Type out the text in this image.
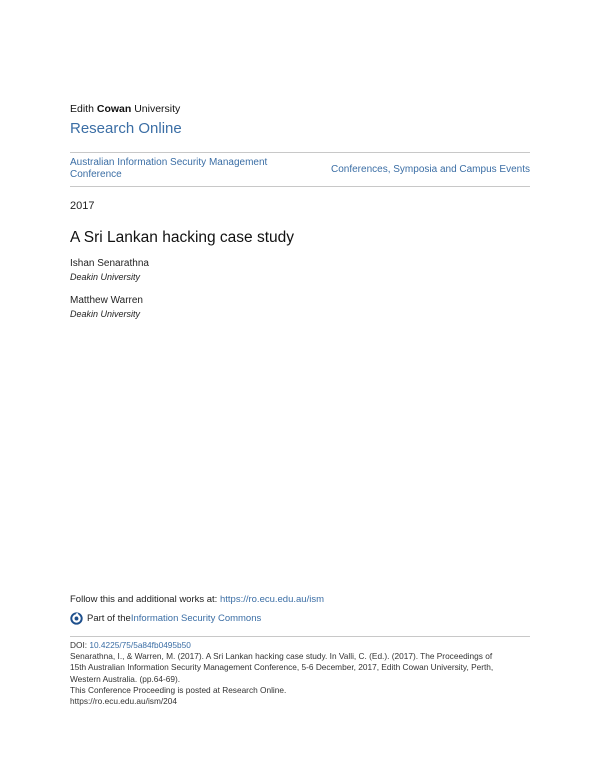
Edith Cowan University
Research Online
Australian Information Security Management Conference	Conferences, Symposia and Campus Events
2017
A Sri Lankan hacking case study
Ishan Senarathna
Deakin University
Matthew Warren
Deakin University
Follow this and additional works at: https://ro.ecu.edu.au/ism
Part of the Information Security Commons
DOI: 10.4225/75/5a84fb0495b50
Senarathna, I., & Warren, M. (2017). A Sri Lankan hacking case study. In Valli, C. (Ed.). (2017). The Proceedings of
15th Australian Information Security Management Conference, 5-6 December, 2017, Edith Cowan University, Perth,
Western Australia. (pp.64-69).
This Conference Proceeding is posted at Research Online.
https://ro.ecu.edu.au/ism/204
